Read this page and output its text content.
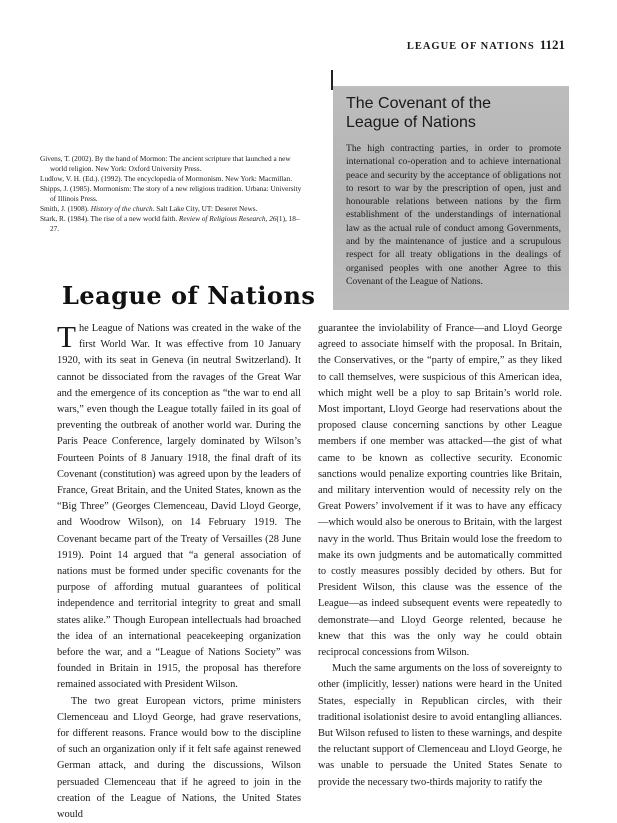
LEAGUE OF NATIONS 1121
The Covenant of the League of Nations

The high contracting parties, in order to promote international co-operation and to achieve international peace and security by the acceptance of obligations not to resort to war by the prescription of open, just and honourable relations between nations by the firm establishment of the understandings of international law as the actual rule of conduct among Governments, and by the maintenance of justice and a scrupulous respect for all treaty obligations in the dealings of organised peoples with one another Agree to this Covenant of the League of Nations.

Givens, T. (2002). By the hand of Mormon: The ancient scripture that launched a new world religion. New York: Oxford University Press.

Ludlow, V. H. (Ed.). (1992). The encyclopedia of Mormonism. New York: Macmillan.

Shipps, J. (1985). Mormonism: The story of a new religious tradition. Urbana: University of Illinois Press.

Smith, J. (1908). History of the church. Salt Lake City, UT: Deseret News.

Stark, R. (1984). The rise of a new world faith. Review of Religious Research, 26(1), 18–27.

League of Nations

The League of Nations was created in the wake of the first World War. It was effective from 10 January 1920, with its seat in Geneva (in neutral Switzerland). It cannot be dissociated from the ravages of the Great War and the emergence of its conception as “the war to end all wars,” even though the League totally failed in its goal of preventing the outbreak of another world war. During the Paris Peace Conference, largely dominated by Wilson’s Fourteen Points of 8 January 1918, the final draft of its Covenant (constitution) was agreed upon by the leaders of France, Great Britain, and the United States, known as the “Big Three” (Georges Clemenceau, David Lloyd George, and Woodrow Wilson), on 14 February 1919. The Covenant became part of the Treaty of Versailles (28 June 1919). Point 14 argued that “a general association of nations must be formed under specific covenants for the purpose of affording mutual guarantees of political independence and territorial integrity to great and small states alike.” Though European intellectuals had broached the idea of an international peacekeeping organization before the war, and a “League of Nations Society” was founded in Britain in 1915, the proposal has therefore remained associated with President Wilson.

The two great European victors, prime ministers Clemenceau and Lloyd George, had grave reservations, for different reasons. France would bow to the discipline of such an organization only if it felt safe against renewed German attack, and during the discussions, Wilson persuaded Clemenceau that if he agreed to join in the creation of the League of Nations, the United States would

guarantee the inviolability of France—and Lloyd George agreed to associate himself with the proposal. In Britain, the Conservatives, or the “party of empire,” as they liked to call themselves, were suspicious of this American idea, which might well be a ploy to sap Britain’s world role. Most important, Lloyd George had reservations about the proposed clause concerning sanctions by other League members if one member was attacked—the gist of what came to be known as collective security. Economic sanctions would penalize exporting countries like Britain, and military intervention would of necessity rely on the Great Powers’ involvement if it was to have any efficacy—which would also be onerous to Britain, with the largest navy in the world. Thus Britain would lose the freedom to make its own judgments and be automatically committed to costly measures possibly decided by others. But for President Wilson, this clause was the essence of the League—as indeed subsequent events were repeatedly to demonstrate—and Lloyd George relented, because he knew that this was the only way he could obtain reciprocal concessions from Wilson.

Much the same arguments on the loss of sovereignty to other (implicitly, lesser) nations were heard in the United States, especially in Republican circles, with their traditional isolationist desire to avoid entangling alliances. But Wilson refused to listen to these warnings, and despite the reluctant support of Clemenceau and Lloyd George, he was unable to persuade the United States Senate to provide the necessary two-thirds majority to ratify the
